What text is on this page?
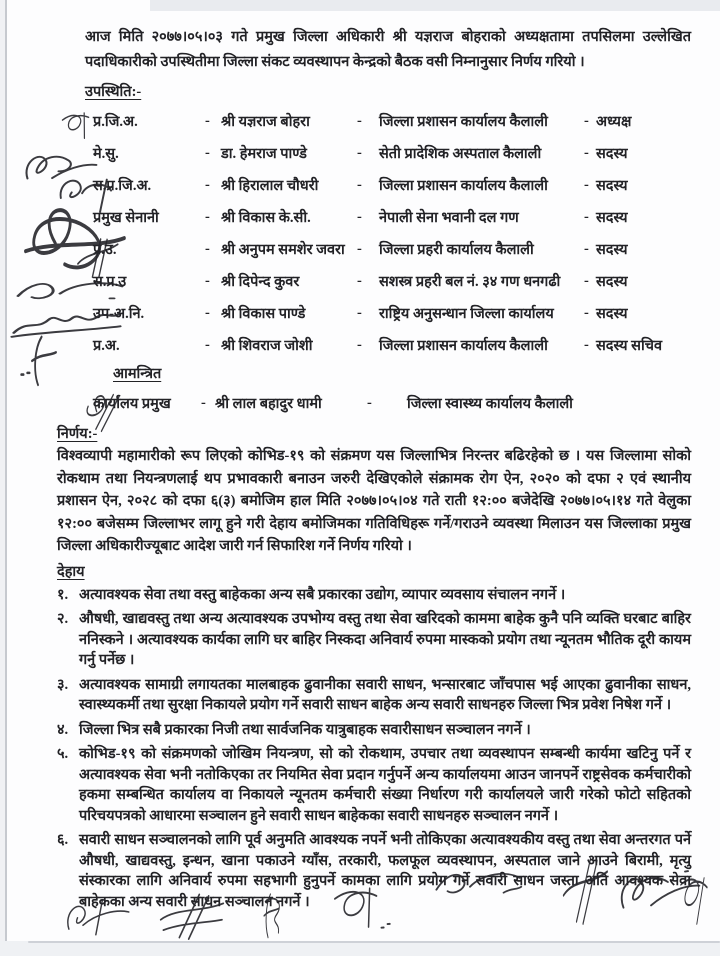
आज मिति २०७७।०५।०३ गते प्रमुख जिल्ला अधिकारी श्री यज्ञराज बोहराको अध्यक्षतामा तपसिलमा उल्लेखित पदाधिकारीको उपस्थितीमा जिल्ला संकट व्यवस्थापन केन्द्रको बैठक वसी निम्नानुसार निर्णय गरियो ।

उपस्थिति:-
प्र.जि.अ.	- श्री यज्ञराज बोहरा	-	जिल्ला प्रशासन कार्यालय कैलाली	- अध्यक्ष
मे.सु.	- डा. हेमराज पाण्डे	-	सेती प्रादेशिक अस्पताल कैलाली	- सदस्य
स.प्र.जि.अ.	- श्री हिरालाल चौधरी	-	जिल्ला प्रशासन कार्यालय कैलाली	- सदस्य
प्रमुख सेनानी	- श्री विकास के.सी.	-	नेपाली सेना भवानी दल गण	- सदस्य
प्र.उ.	- श्री अनुपम समशेर जवरा -	जिल्ला प्रहरी कार्यालय कैलाली	- सदस्य
स.प्र.उ	- श्री दिपेन्द कुवर	-	सशस्त्र प्रहरी बल नं. ३४ गण धनगढी	- सदस्य
उप-अ.नि.	- श्री विकास पाण्डे	-	राष्ट्रिय अनुसन्धान जिल्ला कार्यालय	- सदस्य
प्र.अ.	- श्री शिवराज जोशी	-	जिल्ला प्रशासन कार्यालय कैलाली	- सदस्य सचिव
आमन्त्रित
कार्यालय प्रमुख	- श्री लाल बहादुर धामी	-	जिल्ला स्वास्थ्य कार्यालय कैलाली
निर्णय:-

विश्वव्यापी महामारीको रूप लिएको कोभिड-१९ को संक्रमण यस जिल्लाभित्र निरन्तर बढिरहेको छ । यस जिल्लामा सोको रोकथाम तथा नियन्त्रणलाई थप प्रभावकारी बनाउन जरुरी देखिएकोले संक्रामक रोग ऐन, २०२० को दफा २ एवं स्थानीय प्रशासन ऐन, २०२८ को दफा ६(३) बमोजिम हाल मिति २०७७।०५।०४ गते राती १२:०० बजेदेखि २०७७।०५।१४ गते वेलुका १२:०० बजेसम्म जिल्लाभर लागू हुने गरी देहाय बमोजिमका गतिविधिहरू गर्ने/गराउने व्यवस्था मिलाउन यस जिल्लाका प्रमुख जिल्ला अधिकारीज्यूबाट आदेश जारी गर्न सिफारिश गर्ने निर्णय गरियो ।

देहाय
१. अत्यावश्यक सेवा तथा वस्तु बाहेकका अन्य सबै प्रकारका उद्योग, व्यापार व्यवसाय संचालन नगर्ने ।
२. औषधी, खाद्यवस्तु तथा अन्य अत्यावश्यक उपभोग्य वस्तु तथा सेवा खरिदको काममा बाहेक कुनै पनि व्यक्ति घरबाट बाहिर ननिस्कने । अत्यावश्यक कार्यका लागि घर बाहिर निस्कदा अनिवार्य रुपमा मास्कको प्रयोग तथा न्यूनतम भौतिक दूरी कायम गर्नु पर्नेछ ।
३. अत्यावश्यक सामाग्री लगायतका मालबाहक ढुवानीका सवारी साधन, भन्सारबाट जाँचपास भई आएका ढुवानीका साधन, स्वास्थ्यकर्मी तथा सुरक्षा निकायले प्रयोग गर्ने सवारी साधन बाहेक अन्य सवारी साधनहरु जिल्ला भित्र प्रवेश निषेश गर्ने ।
४. जिल्ला भित्र सबै प्रकारका निजी तथा सार्वजनिक यात्रुबाहक सवारीसाधन सञ्चालन नगर्ने ।
५. कोभिड-१९ को संक्रमणको जोखिम नियन्त्रण, सो को रोकथाम, उपचार तथा व्यवस्थापन सम्बन्धी कार्यमा खटिनु पर्ने र अत्यावश्यक सेवा भनी नतोकिएका तर नियमित सेवा प्रदान गर्नुपर्ने अन्य कार्यालयमा आउन जानपर्ने राष्ट्रसेवक कर्मचारीको हकमा सम्बन्धित कार्यालय वा निकायले न्यूनतम कर्मचारी संख्या निर्धारण गरी कार्यालयले जारी गरेको फोटो सहितको परिचयपत्रको आधारमा सञ्चालन हुने सवारी साधन बाहेकका सवारी साधनहरु सञ्चालन नगर्ने ।
६. सवारी साधन सञ्चालनको लागि पूर्व अनुमति आवश्यक नपर्ने भनी तोकिएका अत्यावश्यकीय वस्तु तथा सेवा अन्तरगत पर्ने औषधी, खाद्यवस्तु, इन्धन, खाना पकाउने ग्याँस, तरकारी, फलफूल व्यवस्थापन, अस्पताल जाने आउने बिरामी, मृत्यु संस्कारका लागि अनिवार्य रुपमा सहभागी हुनुपर्ने कामका लागि प्रयोग गर्ने सवारी साधन जस्ता अति आवश्यक सेवा बाहेकका अन्य सवारी साधन सञ्चालन नगर्ने ।
